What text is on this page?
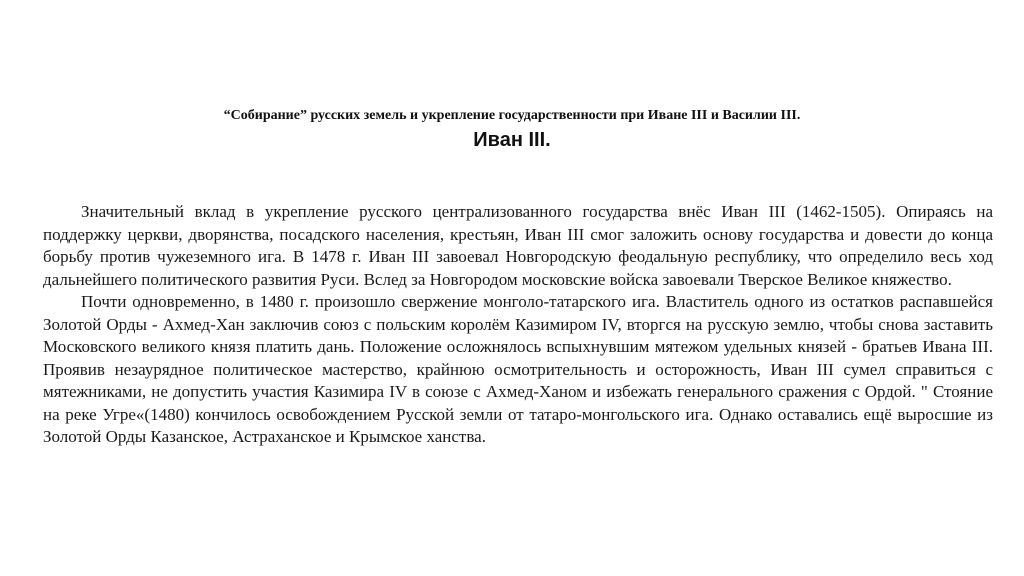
“Собирание” русских земель и укрепление государственности при Иване III и Василии III.
Иван III.

Значительный вклад в укрепление русского централизованного государства внёс Иван III (1462-1505). Опираясь на поддержку церкви, дворянства, посадского населения, крестьян, Иван III смог заложить основу государства и довести до конца борьбу против чужеземного ига. В 1478 г. Иван III завоевал Новгородскую феодальную республику, что определило весь ход дальнейшего политического развития Руси. Вслед за Новгородом московские войска завоевали Тверское Великое княжество.

Почти одновременно, в 1480 г. произошло свержение монголо-татарского ига. Властитель одного из остатков распавшейся Золотой Орды - Ахмед-Хан заключив союз с польским королём Казимиром IV, вторгся на русскую землю, чтобы снова заставить Московского великого князя платить дань. Положение осложнялось вспыхнувшим мятежом удельных князей - братьев Ивана III. Проявив незаурядное политическое мастерство, крайнюю осмотрительность и осторожность, Иван III сумел справиться с мятежниками, не допустить участия Казимира IV в союзе с Ахмед-Ханом и избежать генерального сражения с Ордой. " Стояние на реке Угре«(1480) кончилось освобождением Русской земли от татаро-монгольского ига. Однако оставались ещё выросшие из Золотой Орды Казанское, Астраханское и Крымское ханства.
